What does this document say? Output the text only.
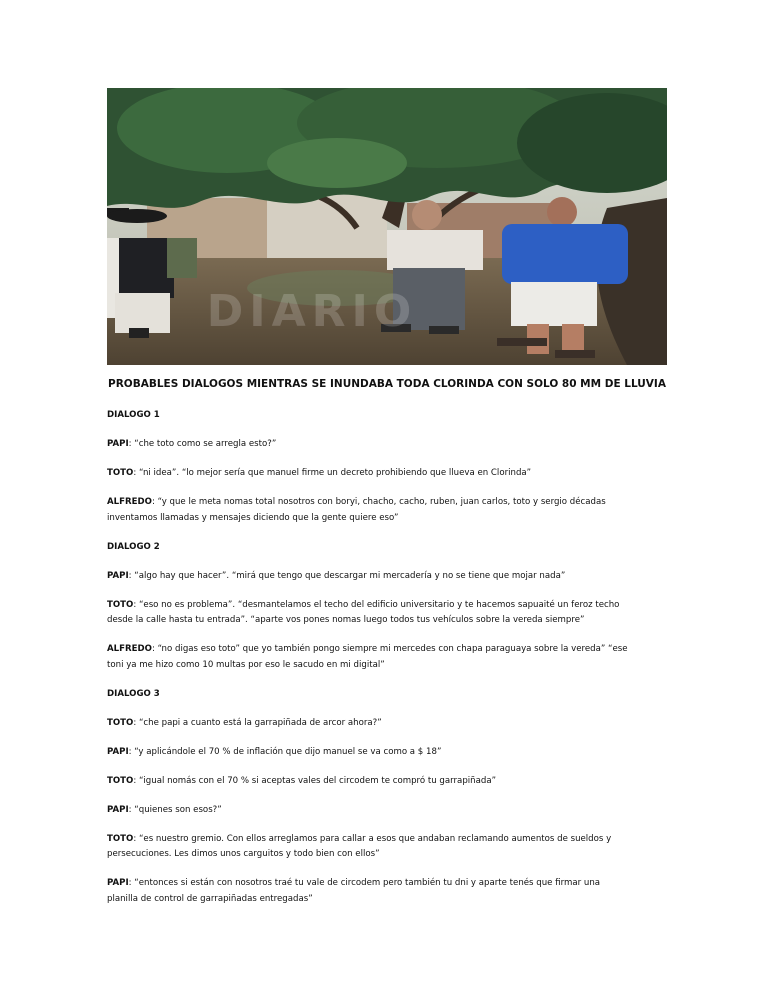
DIARIO
PROBABLES DIALOGOS MIENTRAS SE INUNDABA TODA CLORINDA CON SOLO 80 MM DE LLUVIA
DIALOGO 1
PAPI: “che toto como se arregla esto?”
TOTO: “ni idea”. “lo mejor sería que manuel firme un decreto prohibiendo que llueva en Clorinda”
ALFREDO: “y que le meta nomas total nosotros con boryi, chacho, cacho, ruben, juan carlos, toto y sergio décadas
inventamos llamadas y mensajes diciendo que la gente quiere eso”
DIALOGO 2
PAPI: “algo hay que hacer”. “mirá que tengo que descargar mi mercadería y no se tiene que mojar nada”
TOTO: “eso no es problema”. “desmantelamos el techo del edificio universitario y te hacemos sapuaité un feroz techo
desde la calle hasta tu entrada”. “aparte vos pones nomas luego todos tus vehículos sobre la vereda siempre”
ALFREDO: “no digas eso toto” que yo también pongo siempre mi mercedes con chapa paraguaya sobre la vereda” “ese
toni ya me hizo como 10 multas por eso le sacudo en mi digital”
DIALOGO 3
TOTO: “che papi a cuanto está la garrapiñada de arcor ahora?”
PAPI: “y aplicándole el 70 % de inflación que dijo manuel se va como a $ 18”
TOTO: “igual nomás con el 70 % si aceptas vales del circodem te compró tu garrapiñada”
PAPI: “quienes son esos?”
TOTO: “es nuestro gremio. Con ellos arreglamos para callar a esos que andaban reclamando aumentos de sueldos y
persecuciones. Les dimos unos carguitos y todo bien con ellos”
PAPI: “entonces si están con nosotros traé tu vale de circodem pero también tu dni y aparte tenés que firmar una
planilla de control de garrapiñadas entregadas”
